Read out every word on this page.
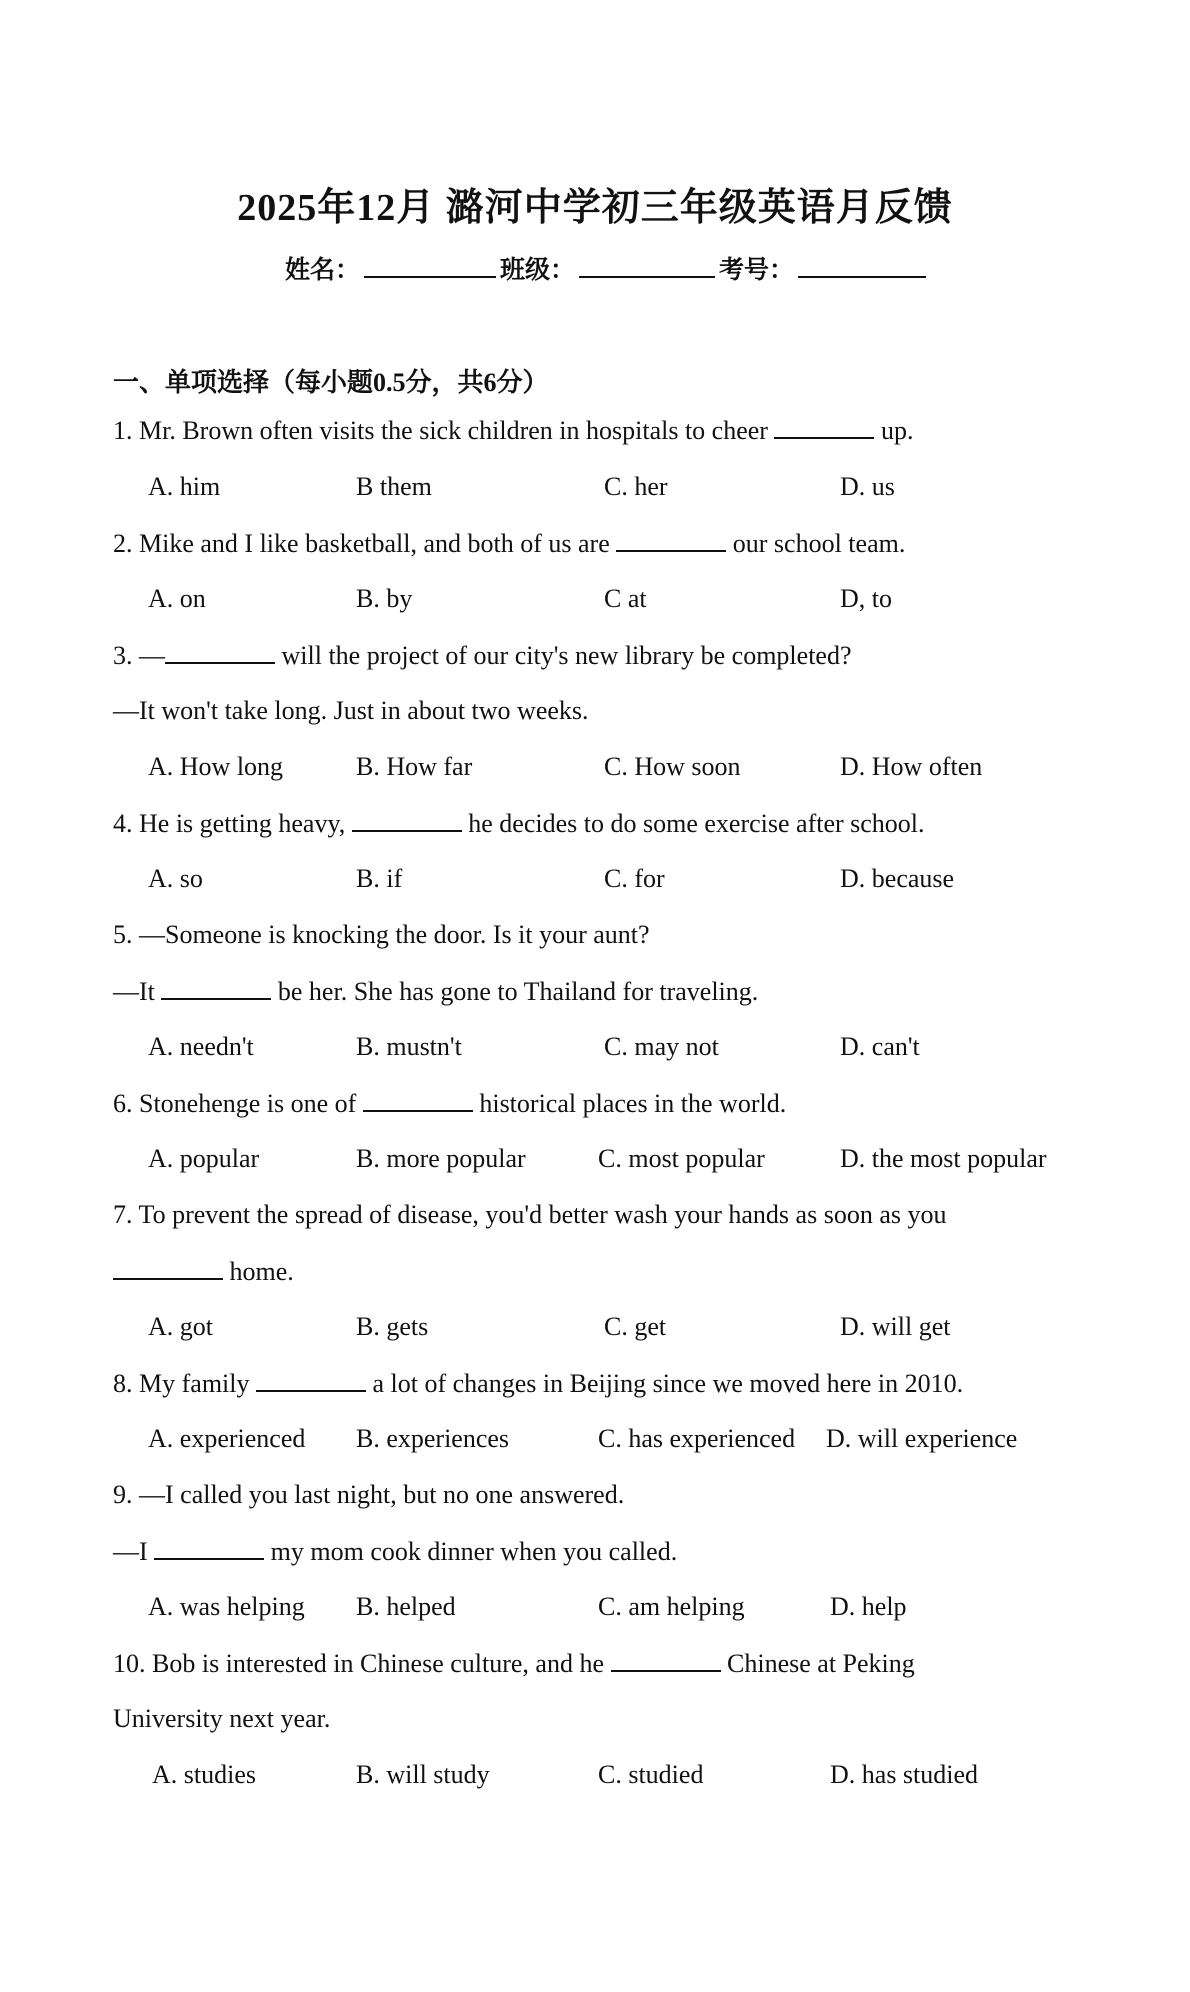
2025年12月 潞河中学初三年级英语月反馈
姓名：	班级：	考号：
一、单项选择（每小题0.5分，共6分）
1. Mr. Brown often visits the sick children in hospitals to cheer	up.
A. him	B them	C. her	D. us
2. Mike and I like basketball, and both of us are	our school team.
A. on	B. by	C at	D, to
3. —	will the project of our city's new library be completed?
—It won't take long. Just in about two weeks.
A. How long	B. How far	C. How soon	D. How often
4. He is getting heavy,	he decides to do some exercise after school.
A. so	B. if	C. for	D. because
5. —Someone is knocking the door. Is it your aunt?
—It	be her. She has gone to Thailand for traveling.
A. needn't	B. mustn't	C. may not	D. can't
6. Stonehenge is one of	historical places in the world.
A. popular	B. more popular	C. most popular	D. the most popular
7. To prevent the spread of disease, you'd better wash your hands as soon as you
home.
A. got	B. gets	C. get	D. will get
8. My family	a lot of changes in Beijing since we moved here in 2010.
A. experienced B. experiences	C. has experienced D. will experience
9. —I called you last night, but no one answered.
—I	my mom cook dinner when you called.
A. was helping B. helped	C. am helping	D. help
10. Bob is interested in Chinese culture, and he	Chinese at Peking
University next year.
A. studies	B. will study	C. studied	D. has studied
